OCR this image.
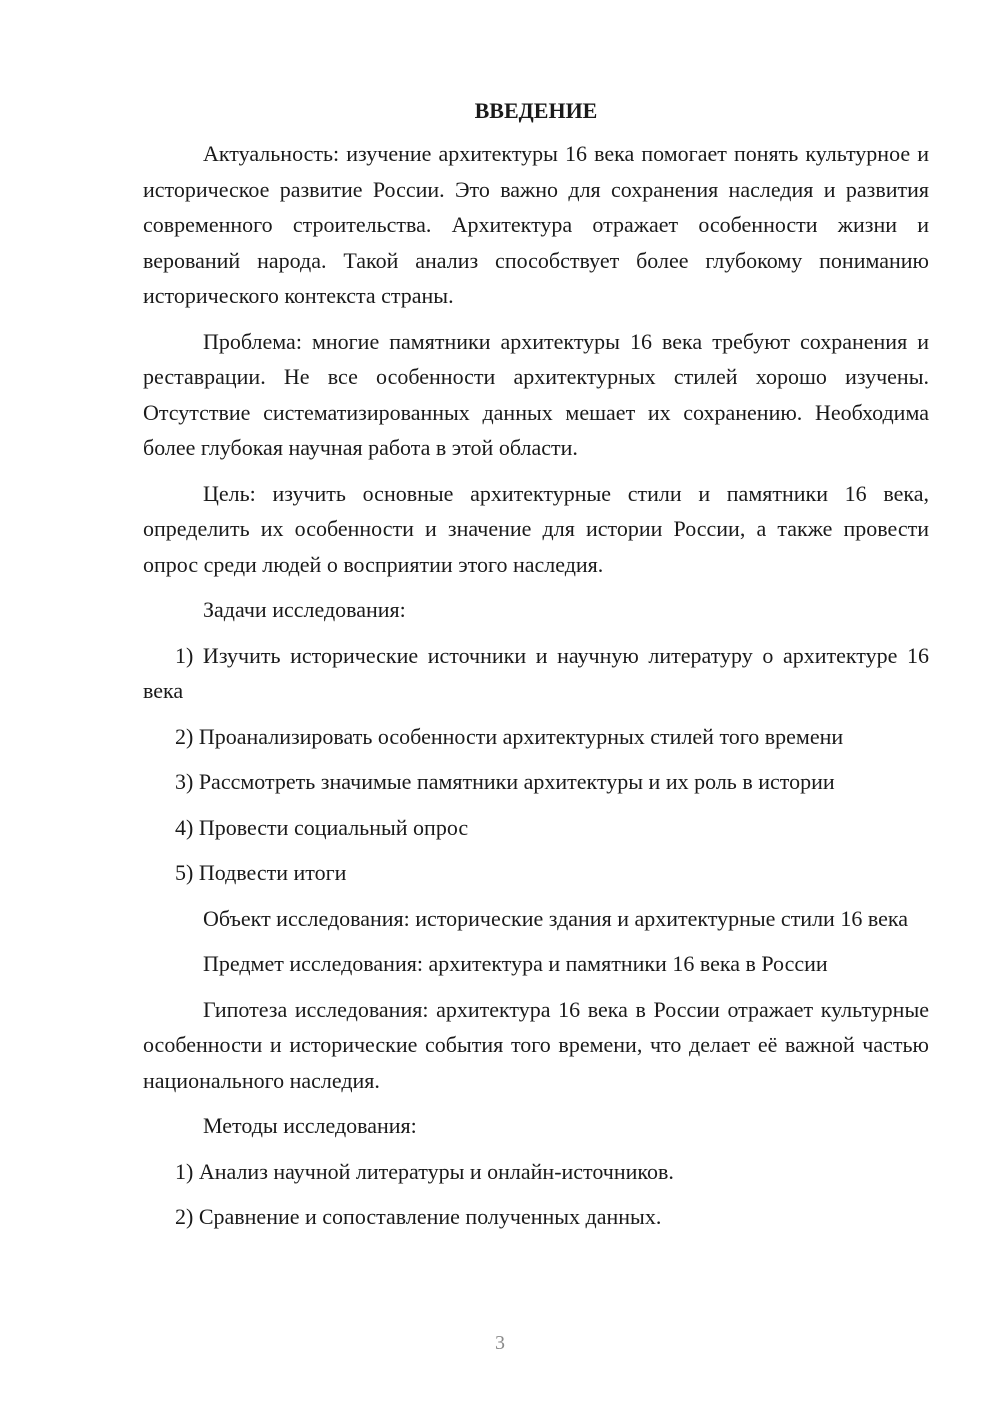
ВВЕДЕНИЕ

Актуальность: изучение архитектуры 16 века помогает понять культурное и историческое развитие России. Это важно для сохранения наследия и развития современного строительства. Архитектура отражает особенности жизни и верований народа. Такой анализ способствует более глубокому пониманию исторического контекста страны.

Проблема: многие памятники архитектуры 16 века требуют сохранения и реставрации. Не все особенности архитектурных стилей хорошо изучены. Отсутствие систематизированных данных мешает их сохранению. Необходима более глубокая научная работа в этой области.

Цель: изучить основные архитектурные стили и памятники 16 века, определить их особенности и значение для истории России, а также провести опрос среди людей о восприятии этого наследия.

Задачи исследования:

1) Изучить исторические источники и научную литературу о архитектуре 16 века

2) Проанализировать особенности архитектурных стилей того времени

3) Рассмотреть значимые памятники архитектуры и их роль в истории

4) Провести социальный опрос

5) Подвести итоги

Объект исследования: исторические здания и архитектурные стили 16 века

Предмет исследования: архитектура и памятники 16 века в России

Гипотеза исследования: архитектура 16 века в России отражает культурные особенности и исторические события того времени, что делает её важной частью национального наследия.

Методы исследования:

1) Анализ научной литературы и онлайн-источников.

2) Сравнение и сопоставление полученных данных.

3
